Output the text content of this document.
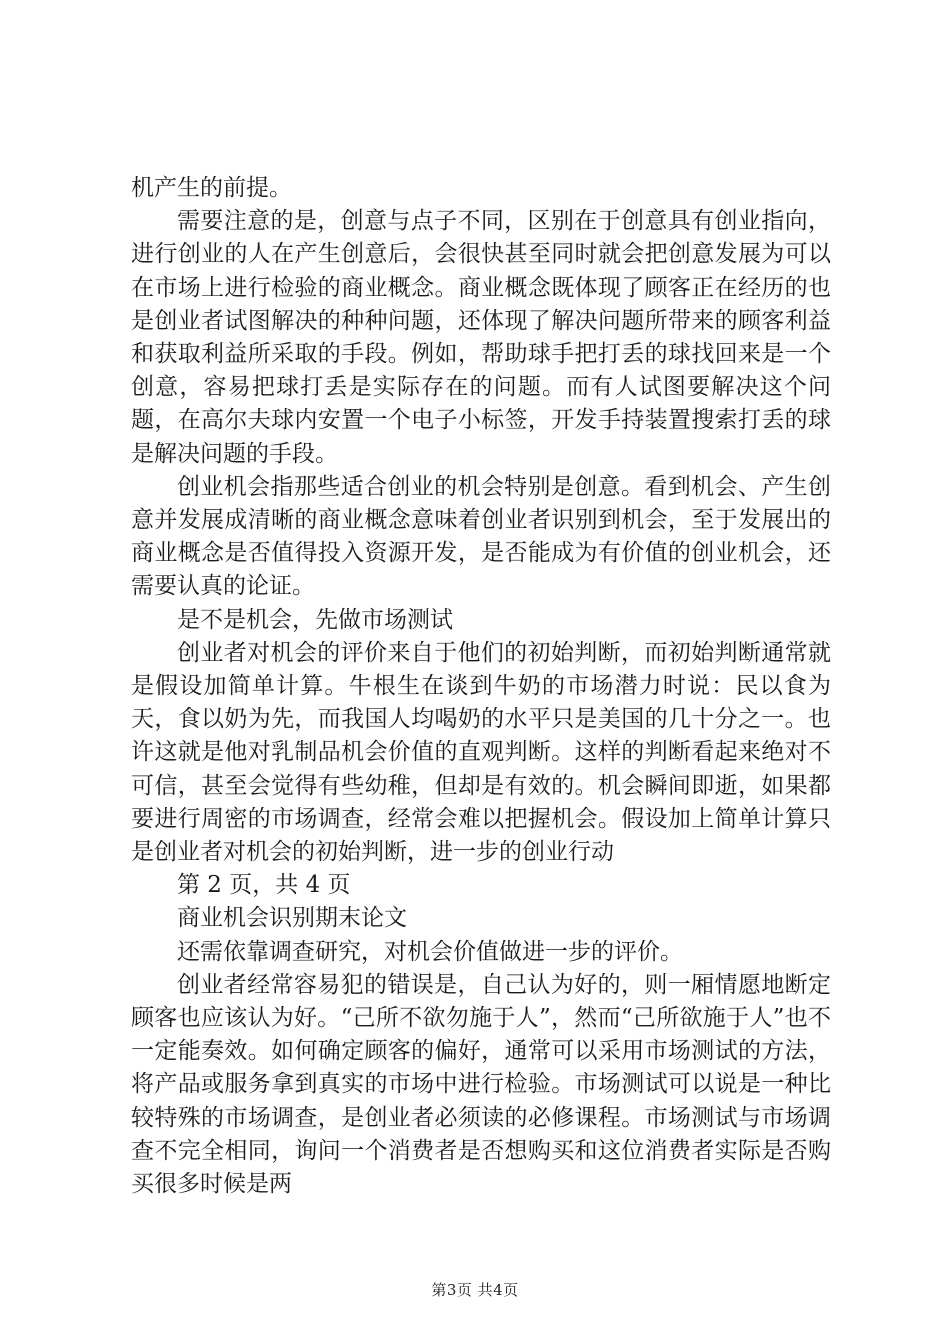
机产生的前提。

需要注意的是，创意与点子不同，区别在于创意具有创业指向，进行创业的人在产生创意后，会很快甚至同时就会把创意发展为可以在市场上进行检验的商业概念。商业概念既体现了顾客正在经历的也是创业者试图解决的种种问题，还体现了解决问题所带来的顾客利益和获取利益所采取的手段。例如，帮助球手把打丢的球找回来是一个创意，容易把球打丢是实际存在的问题。而有人试图要解决这个问题，在高尔夫球内安置一个电子小标签，开发手持装置搜索打丢的球是解决问题的手段。

创业机会指那些适合创业的机会特别是创意。看到机会、产生创意并发展成清晰的商业概念意味着创业者识别到机会，至于发展出的商业概念是否值得投入资源开发，是否能成为有价值的创业机会，还需要认真的论证。

是不是机会，先做市场测试

创业者对机会的评价来自于他们的初始判断，而初始判断通常就是假设加简单计算。牛根生在谈到牛奶的市场潜力时说：民以食为天，食以奶为先，而我国人均喝奶的水平只是美国的几十分之一。也许这就是他对乳制品机会价值的直观判断。这样的判断看起来绝对不可信，甚至会觉得有些幼稚，但却是有效的。机会瞬间即逝，如果都要进行周密的市场调查，经常会难以把握机会。假设加上简单计算只是创业者对机会的初始判断，进一步的创业行动

第 2 页，共 4 页

商业机会识别期末论文

还需依靠调查研究，对机会价值做进一步的评价。

创业者经常容易犯的错误是，自己认为好的，则一厢情愿地断定顾客也应该认为好。“己所不欲勿施于人”，然而“己所欲施于人”也不一定能奏效。如何确定顾客的偏好，通常可以采用市场测试的方法，将产品或服务拿到真实的市场中进行检验。市场测试可以说是一种比较特殊的市场调查，是创业者必须读的必修课程。市场测试与市场调查不完全相同，询问一个消费者是否想购买和这位消费者实际是否购买很多时候是两

第3页 共4页
